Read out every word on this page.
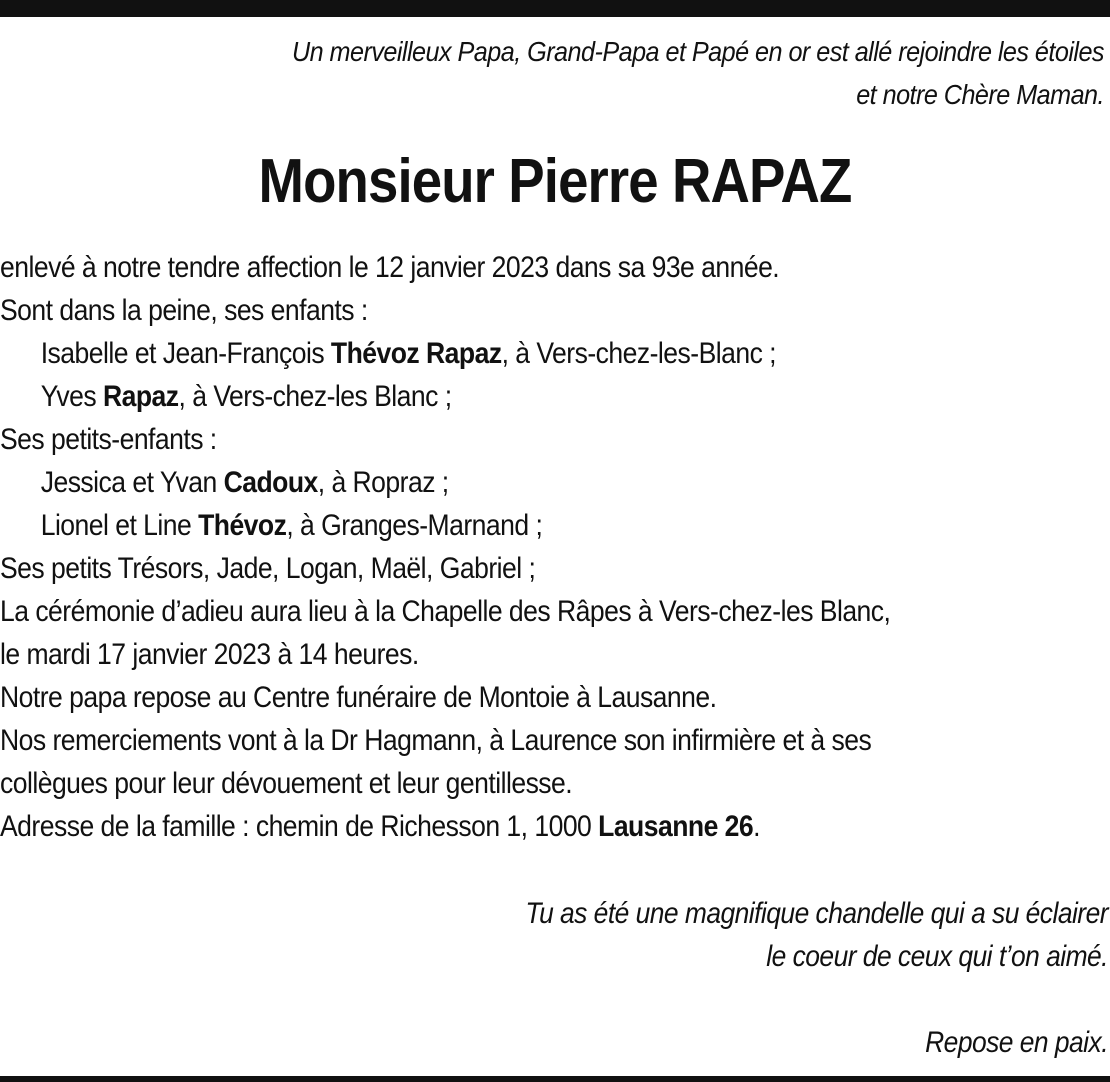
Un merveilleux Papa, Grand-Papa et Papé en or est allé rejoindre les étoiles
et notre Chère Maman.
Monsieur Pierre RAPAZ
enlevé à notre tendre affection le 12 janvier 2023 dans sa 93e année.
Sont dans la peine, ses enfants :
Isabelle et Jean-François Thévoz Rapaz, à Vers-chez-les-Blanc ;
Yves Rapaz, à Vers-chez-les Blanc ;
Ses petits-enfants :
Jessica et Yvan Cadoux, à Ropraz ;
Lionel et Line Thévoz, à Granges-Marnand ;
Ses petits Trésors, Jade, Logan, Maël, Gabriel ;
La cérémonie d’adieu aura lieu à la Chapelle des Râpes à Vers-chez-les Blanc,
le mardi 17 janvier 2023 à 14 heures.
Notre papa repose au Centre funéraire de Montoie à Lausanne.
Nos remerciements vont à la Dr Hagmann, à Laurence son infirmière et à ses
collègues pour leur dévouement et leur gentillesse.
Adresse de la famille : chemin de Richesson 1, 1000 Lausanne 26.
Tu as été une magnifique chandelle qui a su éclairer
le coeur de ceux qui t’on aimé.
Repose en paix.
